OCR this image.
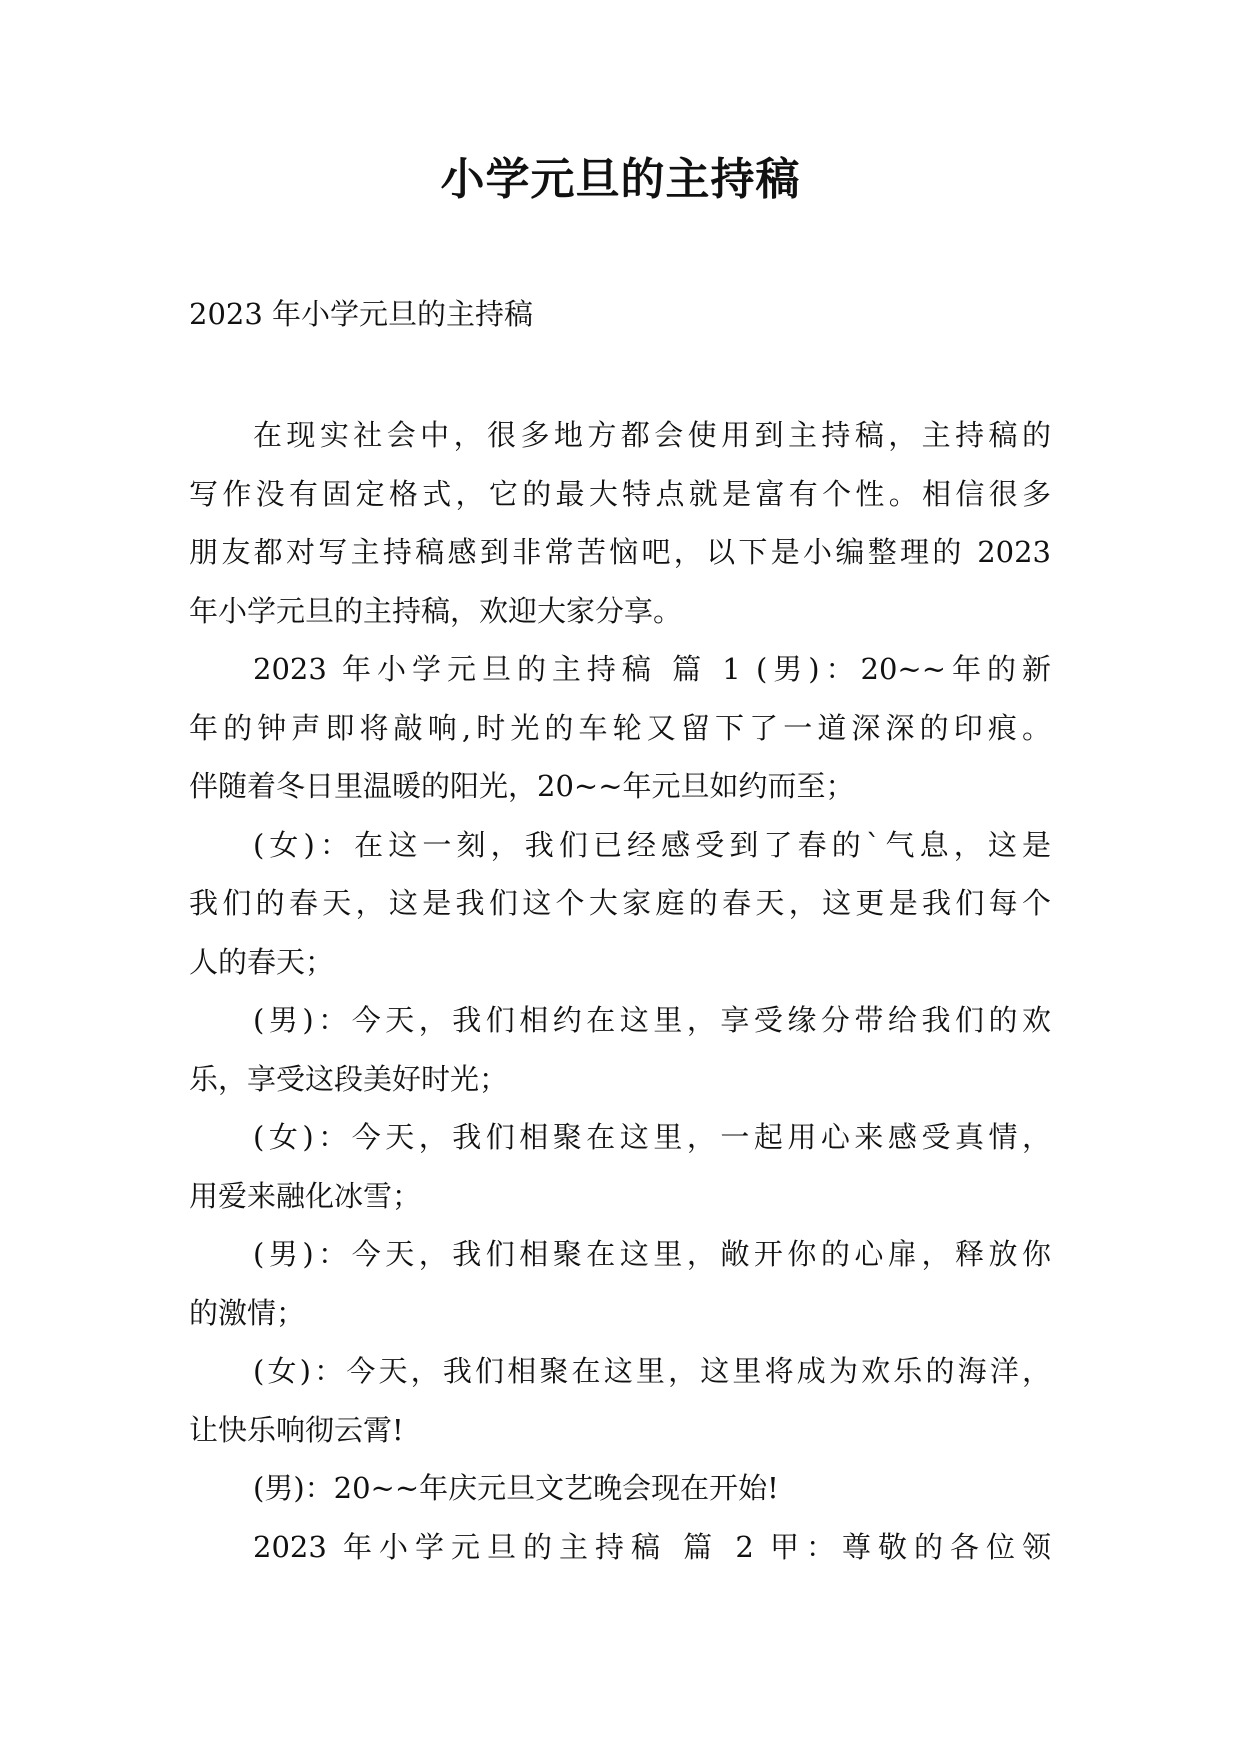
小学元旦的主持稿
2023 年小学元旦的主持稿
在现实社会中，很多地方都会使用到主持稿，主持稿的
写作没有固定格式，它的最大特点就是富有个性。相信很多
朋友都对写主持稿感到非常苦恼吧，以下是小编整理的 2023
年小学元旦的主持稿，欢迎大家分享。
2023 年小学元旦的主持稿 篇 1 (男)：20~~年的新
年的钟声即将敲响,时光的车轮又留下了一道深深的印痕。
伴随着冬日里温暖的阳光，20~~年元旦如约而至；
(女)：在这一刻，我们已经感受到了春的`气息，这是
我们的春天，这是我们这个大家庭的春天，这更是我们每个
人的春天；
(男)：今天，我们相约在这里，享受缘分带给我们的欢
乐，享受这段美好时光；
(女)：今天，我们相聚在这里，一起用心来感受真情，
用爱来融化冰雪；
(男)：今天，我们相聚在这里，敞开你的心扉，释放你
的激情；
(女)：今天，我们相聚在这里，这里将成为欢乐的海洋，
让快乐响彻云霄!
(男)：20~~年庆元旦文艺晚会现在开始!
2023 年小学元旦的主持稿 篇 2 甲：尊敬的各位领
